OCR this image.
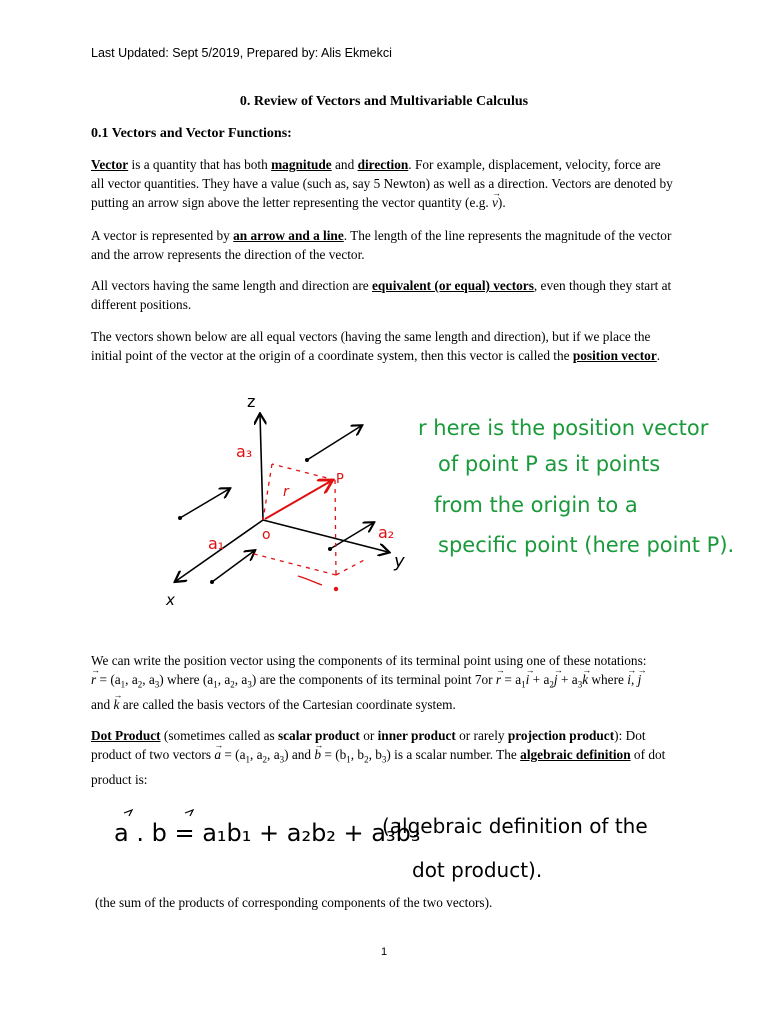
Last Updated: Sept 5/2019, Prepared by: Alis Ekmekci
0. Review of Vectors and Multivariable Calculus
0.1 Vectors and Vector Functions:
Vector is a quantity that has both magnitude and direction. For example, displacement, velocity, force are all vector quantities. They have a value (such as, say 5 Newton) as well as a direction. Vectors are denoted by putting an arrow sign above the letter representing the vector quantity (e.g. → v).
A vector is represented by an arrow and a line. The length of the line represents the magnitude of the vector and the arrow represents the direction of the vector.
All vectors having the same length and direction are equivalent (or equal) vectors, even though they start at different positions.
The vectors shown below are all equal vectors (having the same length and direction), but if we place the initial point of the vector at the origin of a coordinate system, then this vector is called the position vector.
z
y
x
o
P
r
a₁
a₂
a₃
r here is the position vector
of point P as it points
from the origin to a
specific point (here point P).
We can write the position vector using the components of its terminal point using one of these notations:
→ $r = (a_1$, $a_2$, $a_3$) where ($a_1$, $a_2$, $a_3$) are the components of its terminal point $7or \to r = a_1\to i + a_2\to j + a_3\to k$ where → i, → j
and → k are called the basis vectors of the Cartesian coordinate system.
Dot Product (sometimes called as scalar product or inner product or rarely projection product): Dot product of two vectors → $a = (a_1$, $a_2$, $a_3$) and → $b = (b_1$, $b_2$, $b_3$) is a scalar number. The algebraic definition of dot product is:
a . b = a₁b₁ + a₂b₂ + a₃b₃
(algebraic definition of the
dot product).
(the sum of the products of corresponding components of the two vectors).
1
